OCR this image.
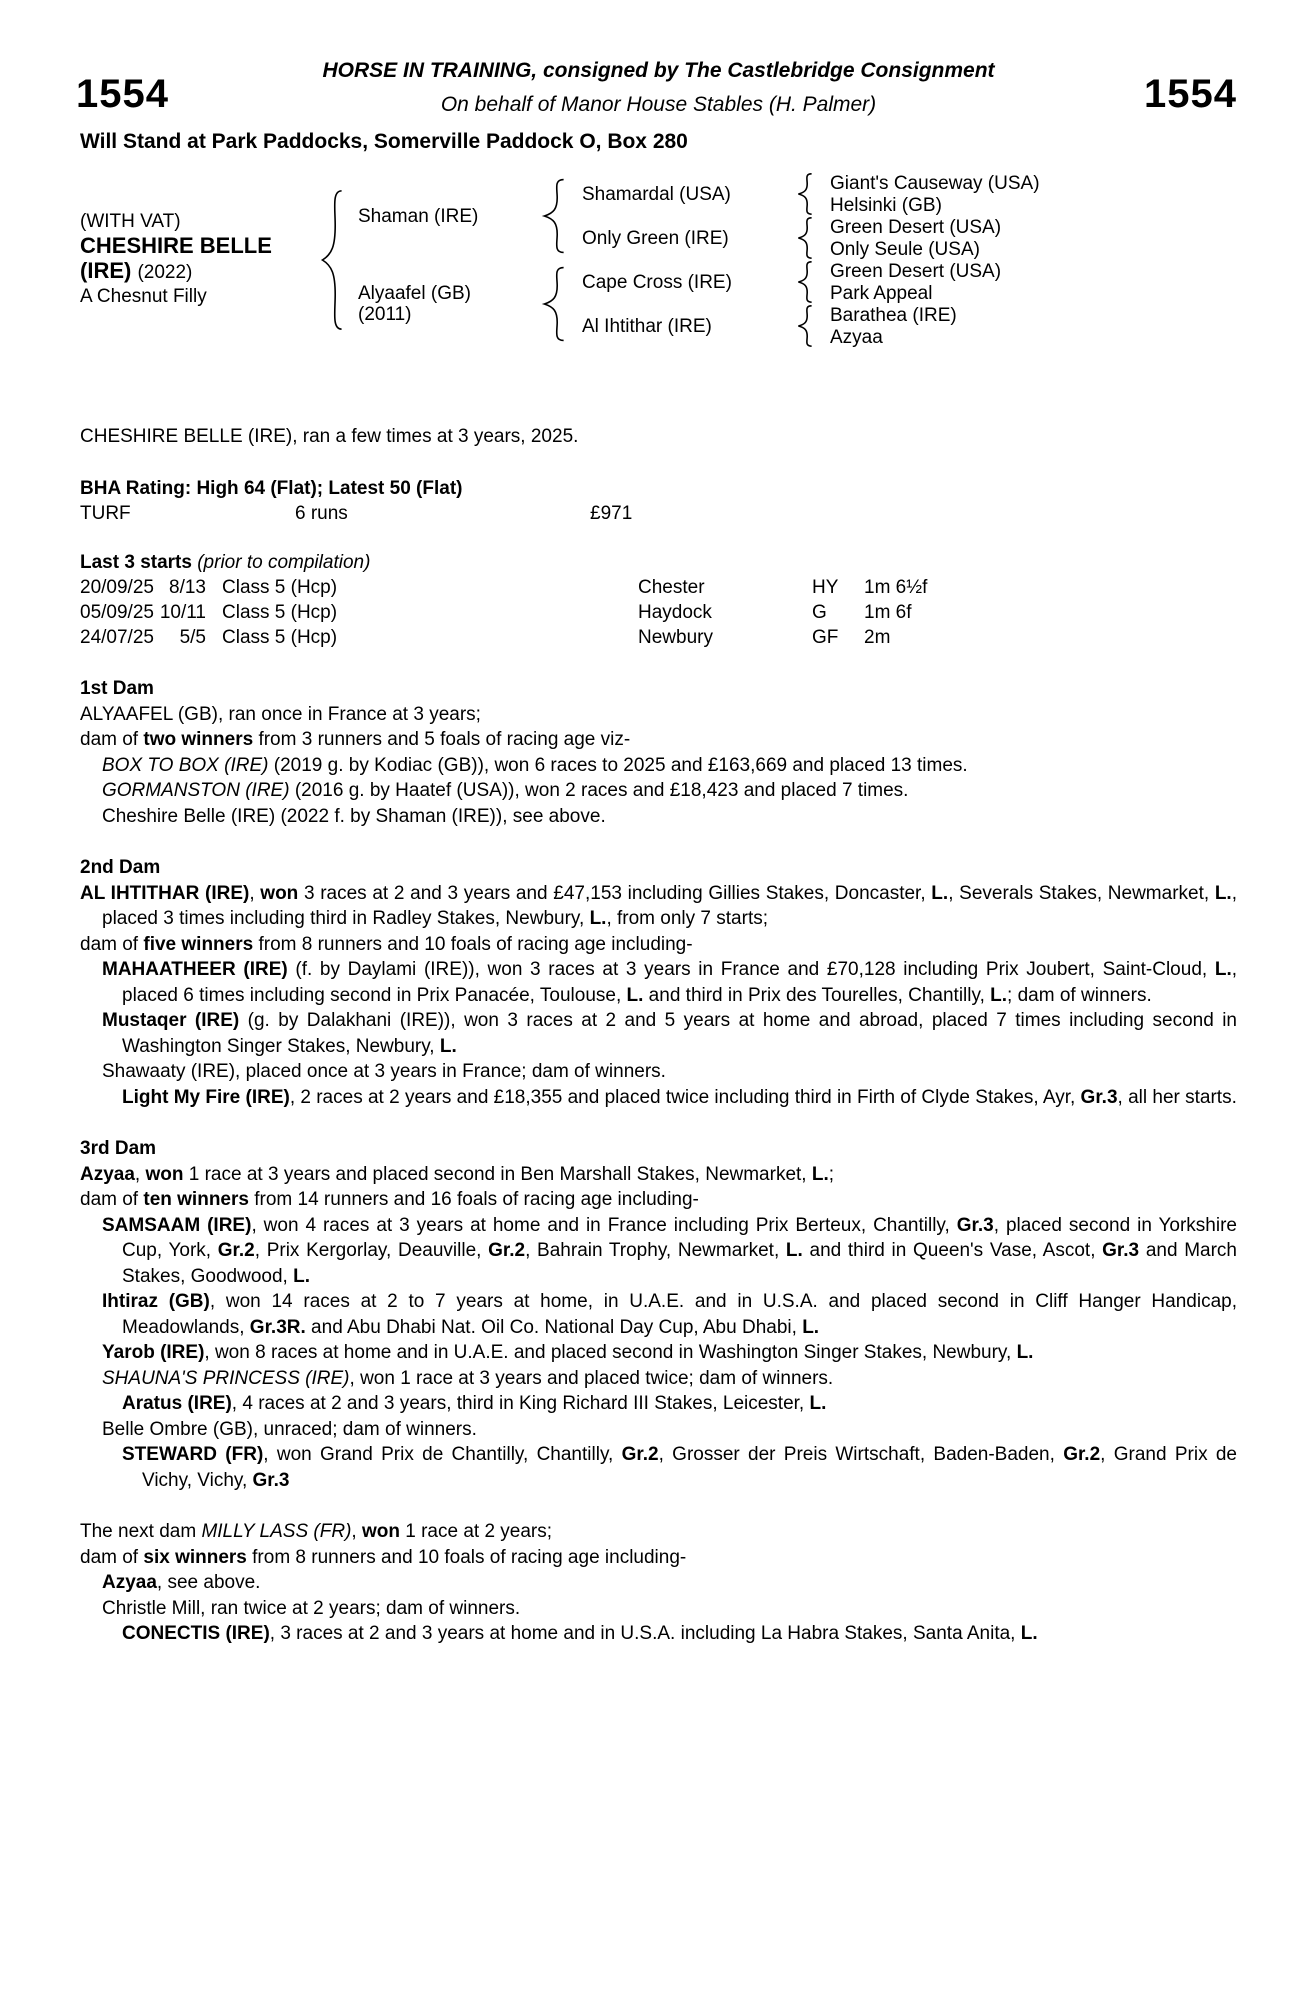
1554	1554
HORSE IN TRAINING, consigned by The Castlebridge Consignment
On behalf of Manor House Stables (H. Palmer)
Will Stand at Park Paddocks, Somerville Paddock O, Box 280
(WITH VAT)
CHESHIRE BELLE
(IRE) (2022)
A Chesnut Filly
Shaman (IRE)
Alyaafel (GB)
(2011)
Shamardal (USA)
Only Green (IRE)
Cape Cross (IRE)
Al Ihtithar (IRE)
Giant's Causeway (USA)
Helsinki (GB)
Green Desert (USA)
Only Seule (USA)
Green Desert (USA)
Park Appeal
Barathea (IRE)
Azyaa
CHESHIRE BELLE (IRE), ran a few times at 3 years, 2025.
BHA Rating: High 64 (Flat); Latest 50 (Flat)
TURF	6 runs	£971
Last 3 starts (prior to compilation)
20/09/25 8/13 Class 5 (Hcp)	Chester	HY	1m 6½f
05/09/25 10/11 Class 5 (Hcp)	Haydock	G	1m 6f
24/07/25	5/5 Class 5 (Hcp)	Newbury	GF	2m
1st Dam

ALYAAFEL (GB), ran once in France at 3 years;

dam of two winners from 3 runners and 5 foals of racing age viz-

BOX TO BOX (IRE) (2019 g. by Kodiac (GB)), won 6 races to 2025 and £163,669 and placed 13 times.

GORMANSTON (IRE) (2016 g. by Haatef (USA)), won 2 races and £18,423 and placed 7 times.

Cheshire Belle (IRE) (2022 f. by Shaman (IRE)), see above.

2nd Dam

AL IHTITHAR (IRE), won 3 races at 2 and 3 years and £47,153 including Gillies Stakes, Doncaster, L., Severals Stakes, Newmarket, L., placed 3 times including third in Radley Stakes, Newbury, L., from only 7 starts;

dam of five winners from 8 runners and 10 foals of racing age including-

MAHAATHEER (IRE) (f. by Daylami (IRE)), won 3 races at 3 years in France and £70,128 including Prix Joubert, Saint-Cloud, L., placed 6 times including second in Prix Panacée, Toulouse, L. and third in Prix des Tourelles, Chantilly, L.; dam of winners.

Mustaqer (IRE) (g. by Dalakhani (IRE)), won 3 races at 2 and 5 years at home and abroad, placed 7 times including second in Washington Singer Stakes, Newbury, L.

Shawaaty (IRE), placed once at 3 years in France; dam of winners.

Light My Fire (IRE), 2 races at 2 years and £18,355 and placed twice including third in Firth of Clyde Stakes, Ayr, Gr.3, all her starts.

3rd Dam

Azyaa, won 1 race at 3 years and placed second in Ben Marshall Stakes, Newmarket, L.;

dam of ten winners from 14 runners and 16 foals of racing age including-

SAMSAAM (IRE), won 4 races at 3 years at home and in France including Prix Berteux, Chantilly, Gr.3, placed second in Yorkshire Cup, York, Gr.2, Prix Kergorlay, Deauville, Gr.2, Bahrain Trophy, Newmarket, L. and third in Queen's Vase, Ascot, Gr.3 and March Stakes, Goodwood, L.

Ihtiraz (GB), won 14 races at 2 to 7 years at home, in U.A.E. and in U.S.A. and placed second in Cliff Hanger Handicap, Meadowlands, Gr.3R. and Abu Dhabi Nat. Oil Co. National Day Cup, Abu Dhabi, L.

Yarob (IRE), won 8 races at home and in U.A.E. and placed second in Washington Singer Stakes, Newbury, L.

SHAUNA'S PRINCESS (IRE), won 1 race at 3 years and placed twice; dam of winners.

Aratus (IRE), 4 races at 2 and 3 years, third in King Richard III Stakes, Leicester, L.

Belle Ombre (GB), unraced; dam of winners.

STEWARD (FR), won Grand Prix de Chantilly, Chantilly, Gr.2, Grosser der Preis Wirtschaft, Baden-Baden, Gr.2, Grand Prix de Vichy, Vichy, Gr.3

The next dam MILLY LASS (FR), won 1 race at 2 years;

dam of six winners from 8 runners and 10 foals of racing age including-

Azyaa, see above.

Christle Mill, ran twice at 2 years; dam of winners.

CONECTIS (IRE), 3 races at 2 and 3 years at home and in U.S.A. including La Habra Stakes, Santa Anita, L.
